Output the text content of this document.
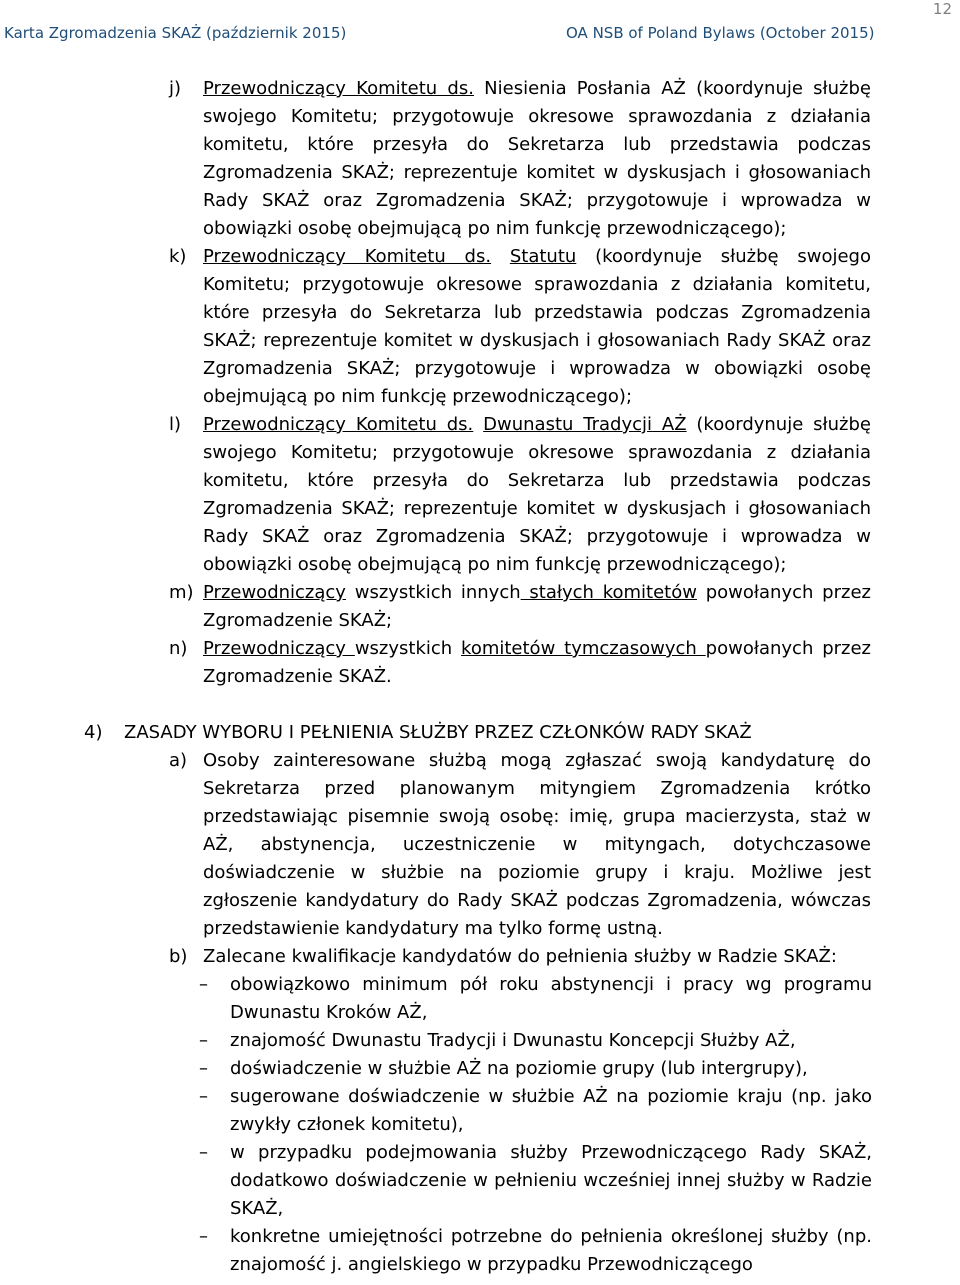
12
Karta Zgromadzenia SKAŻ (październik 2015)	OA NSB of Poland Bylaws (October 2015)
j) Przewodniczący Komitetu ds. Niesienia Posłania AŻ (koordynuje służbę swojego Komitetu; przygotowuje okresowe sprawozdania z działania komitetu, które przesyła do Sekretarza lub przedstawia podczas Zgromadzenia SKAŻ; reprezentuje komitet w dyskusjach i głosowaniach Rady SKAŻ oraz Zgromadzenia SKAŻ; przygotowuje i wprowadza w obowiązki osobę obejmującą po nim funkcję przewodniczącego);
k) Przewodniczący Komitetu ds. Statutu (koordynuje służbę swojego Komitetu; przygotowuje okresowe sprawozdania z działania komitetu, które przesyła do Sekretarza lub przedstawia podczas Zgromadzenia SKAŻ; reprezentuje komitet w dyskusjach i głosowaniach Rady SKAŻ oraz Zgromadzenia SKAŻ; przygotowuje i wprowadza w obowiązki osobę obejmującą po nim funkcję przewodniczącego);
l) Przewodniczący Komitetu ds. Dwunastu Tradycji AŻ (koordynuje służbę swojego Komitetu; przygotowuje okresowe sprawozdania z działania komitetu, które przesyła do Sekretarza lub przedstawia podczas Zgromadzenia SKAŻ; reprezentuje komitet w dyskusjach i głosowaniach Rady SKAŻ oraz Zgromadzenia SKAŻ; przygotowuje i wprowadza w obowiązki osobę obejmującą po nim funkcję przewodniczącego);
m) Przewodniczący wszystkich innych stałych komitetów powołanych przez Zgromadzenie SKAŻ;
n) Przewodniczący wszystkich komitetów tymczasowych powołanych przez Zgromadzenie SKAŻ.
4) ZASADY WYBORU I PEŁNIENIA SŁUŻBY PRZEZ CZŁONKÓW RADY SKAŻ
a) Osoby zainteresowane służbą mogą zgłaszać swoją kandydaturę do Sekretarza przed planowanym mityngiem Zgromadzenia krótko przedstawiając pisemnie swoją osobę: imię, grupa macierzysta, staż w AŻ, abstynencja, uczestniczenie w mityngach, dotychczasowe doświadczenie w służbie na poziomie grupy i kraju. Możliwe jest zgłoszenie kandydatury do Rady SKAŻ podczas Zgromadzenia, wówczas przedstawienie kandydatury ma tylko formę ustną.
b) Zalecane kwalifikacje kandydatów do pełnienia służby w Radzie SKAŻ:
– obowiązkowo minimum pół roku abstynencji i pracy wg programu Dwunastu Kroków AŻ,
– znajomość Dwunastu Tradycji i Dwunastu Koncepcji Służby AŻ,
– doświadczenie w służbie AŻ na poziomie grupy (lub intergrupy),
– sugerowane doświadczenie w służbie AŻ na poziomie kraju (np. jako zwykły członek komitetu),
– w przypadku podejmowania służby Przewodniczącego Rady SKAŻ, dodatkowo doświadczenie w pełnieniu wcześniej innej służby w Radzie SKAŻ,
– konkretne umiejętności potrzebne do pełnienia określonej służby (np. znajomość j. angielskiego w przypadku Przewodniczącego
